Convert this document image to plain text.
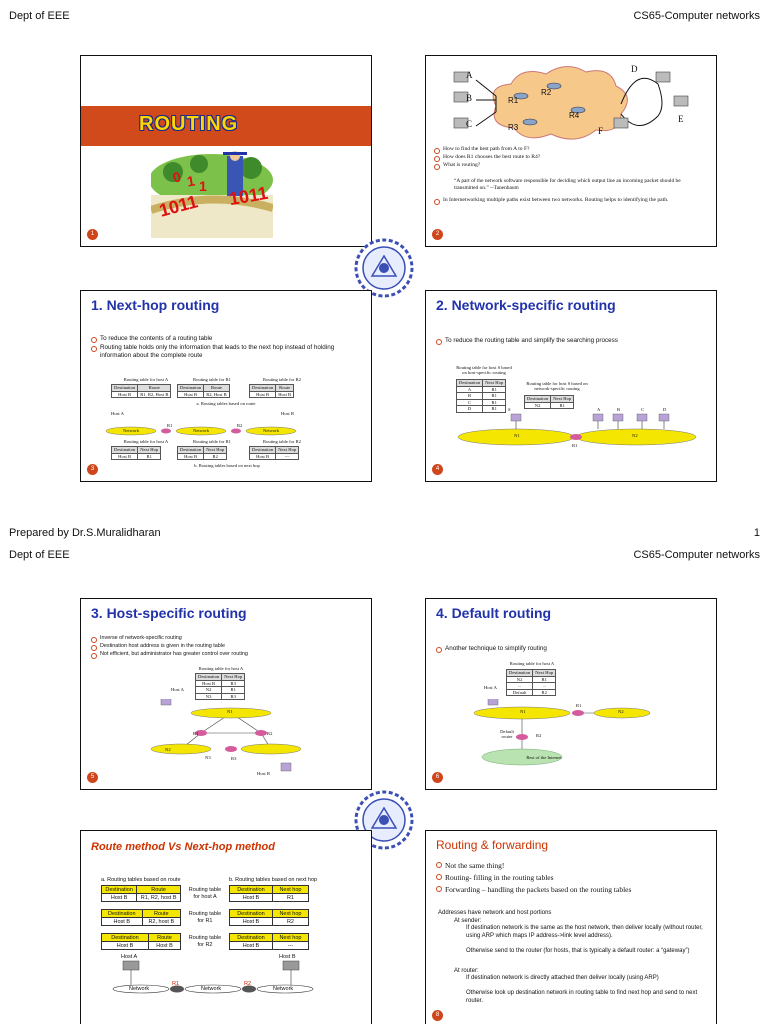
Dept of EEE	CS65-Computer networks
ROUTING
0 1 1
1011 1011
1
A
B
C
D
E
F
R1
R2
R3
R4
How to find the best path from A to F?
How does R1 chooses the best route to R4?
What is routing?
“A part of the network software responsible for deciding which output line an incoming packet should be transmitted on.” --Tanenbaum
In Internetworking multiple paths exist between two networks. Routing helps to identifying the path.
2
1. Next-hop routing
To reduce the contents of a routing table
Routing table holds only the information that leads to the next hop instead of holding information about the complete route
Routing table for host A	Routing table for R1	Routing table for R2
Destination	Route
Host B	R1, R2, Host B
Destination	Route
Host B	R2, Host B
Destination	Route
Host B	Host B
a. Routing tables based on route
Host A	Host B
R1	R2
Network	Network	Network
Routing table for host A	Routing table for R1	Routing table for R2
Destination	Next Hop
Host B	R1
Destination	Next Hop
Host B	R2
Destination	Next Hop
Host B	---
b. Routing tables based on next hop
3
2. Network-specific routing
To reduce the routing table and simplify the searching process
Routing table for host S based on host-specific routing
Destination	Next Hop
A	R1
B	R1
C	R1
D	R1
Routing table for host S based on network-specific routing
Destination	Next Hop
N2	R1
S	A	B	C	D
N1	N2
R1
4
Prepared by Dr.S.Muralidharan	1
Dept of EEE	CS65-Computer networks
3. Host-specific routing
Inverse of network-specific routing
Destination host address is given in the routing table
Not efficient, but administrator has greater control over routing
Routing table for host A
Destination	Next Hop
Host B	R3
N2	R1
N3	R3
Host A
N1
R1	R2
R3
N2
N3
Host B
5
4. Default routing
Another technique to simplify routing
Routing table for host A
Destination	Next Hop
N2	R1
...	...
Default	R2
Host A
N1
R1
N2
Default router	R2
Rest of the Internet
6
Route method Vs Next-hop method
a. Routing tables based on route	b. Routing tables based on next hop
Destination	Route
Host B	R1, R2, host B
Destination	Route
Host B	R2, host B
Destination	Route
Host B	Host B
Routing table for host A
Routing table for R1
Routing table for R2
Destination	Next hop
Host B	R1
Destination	Next hop
Host B	R2
Destination	Next hop
Host B	---
Host A	Host B
R1	R2
Network	Network	Network
Routing & forwarding
Not the same thing!
Routing- filling in the routing tables
Forwarding – handling the packets based on the routing tables
Addresses have network and host portions
At sender:
If destination network is the same as the host network, then deliver locally (without router, using ARP which maps IP address->link level address).
Otherwise send to the router (for hosts, that is typically a default router: a “gateway”)
At router:
If destination network is directly attached then deliver locally (using ARP)
Otherwise look up destination network in routing table to find next hop and send to next router.
8
